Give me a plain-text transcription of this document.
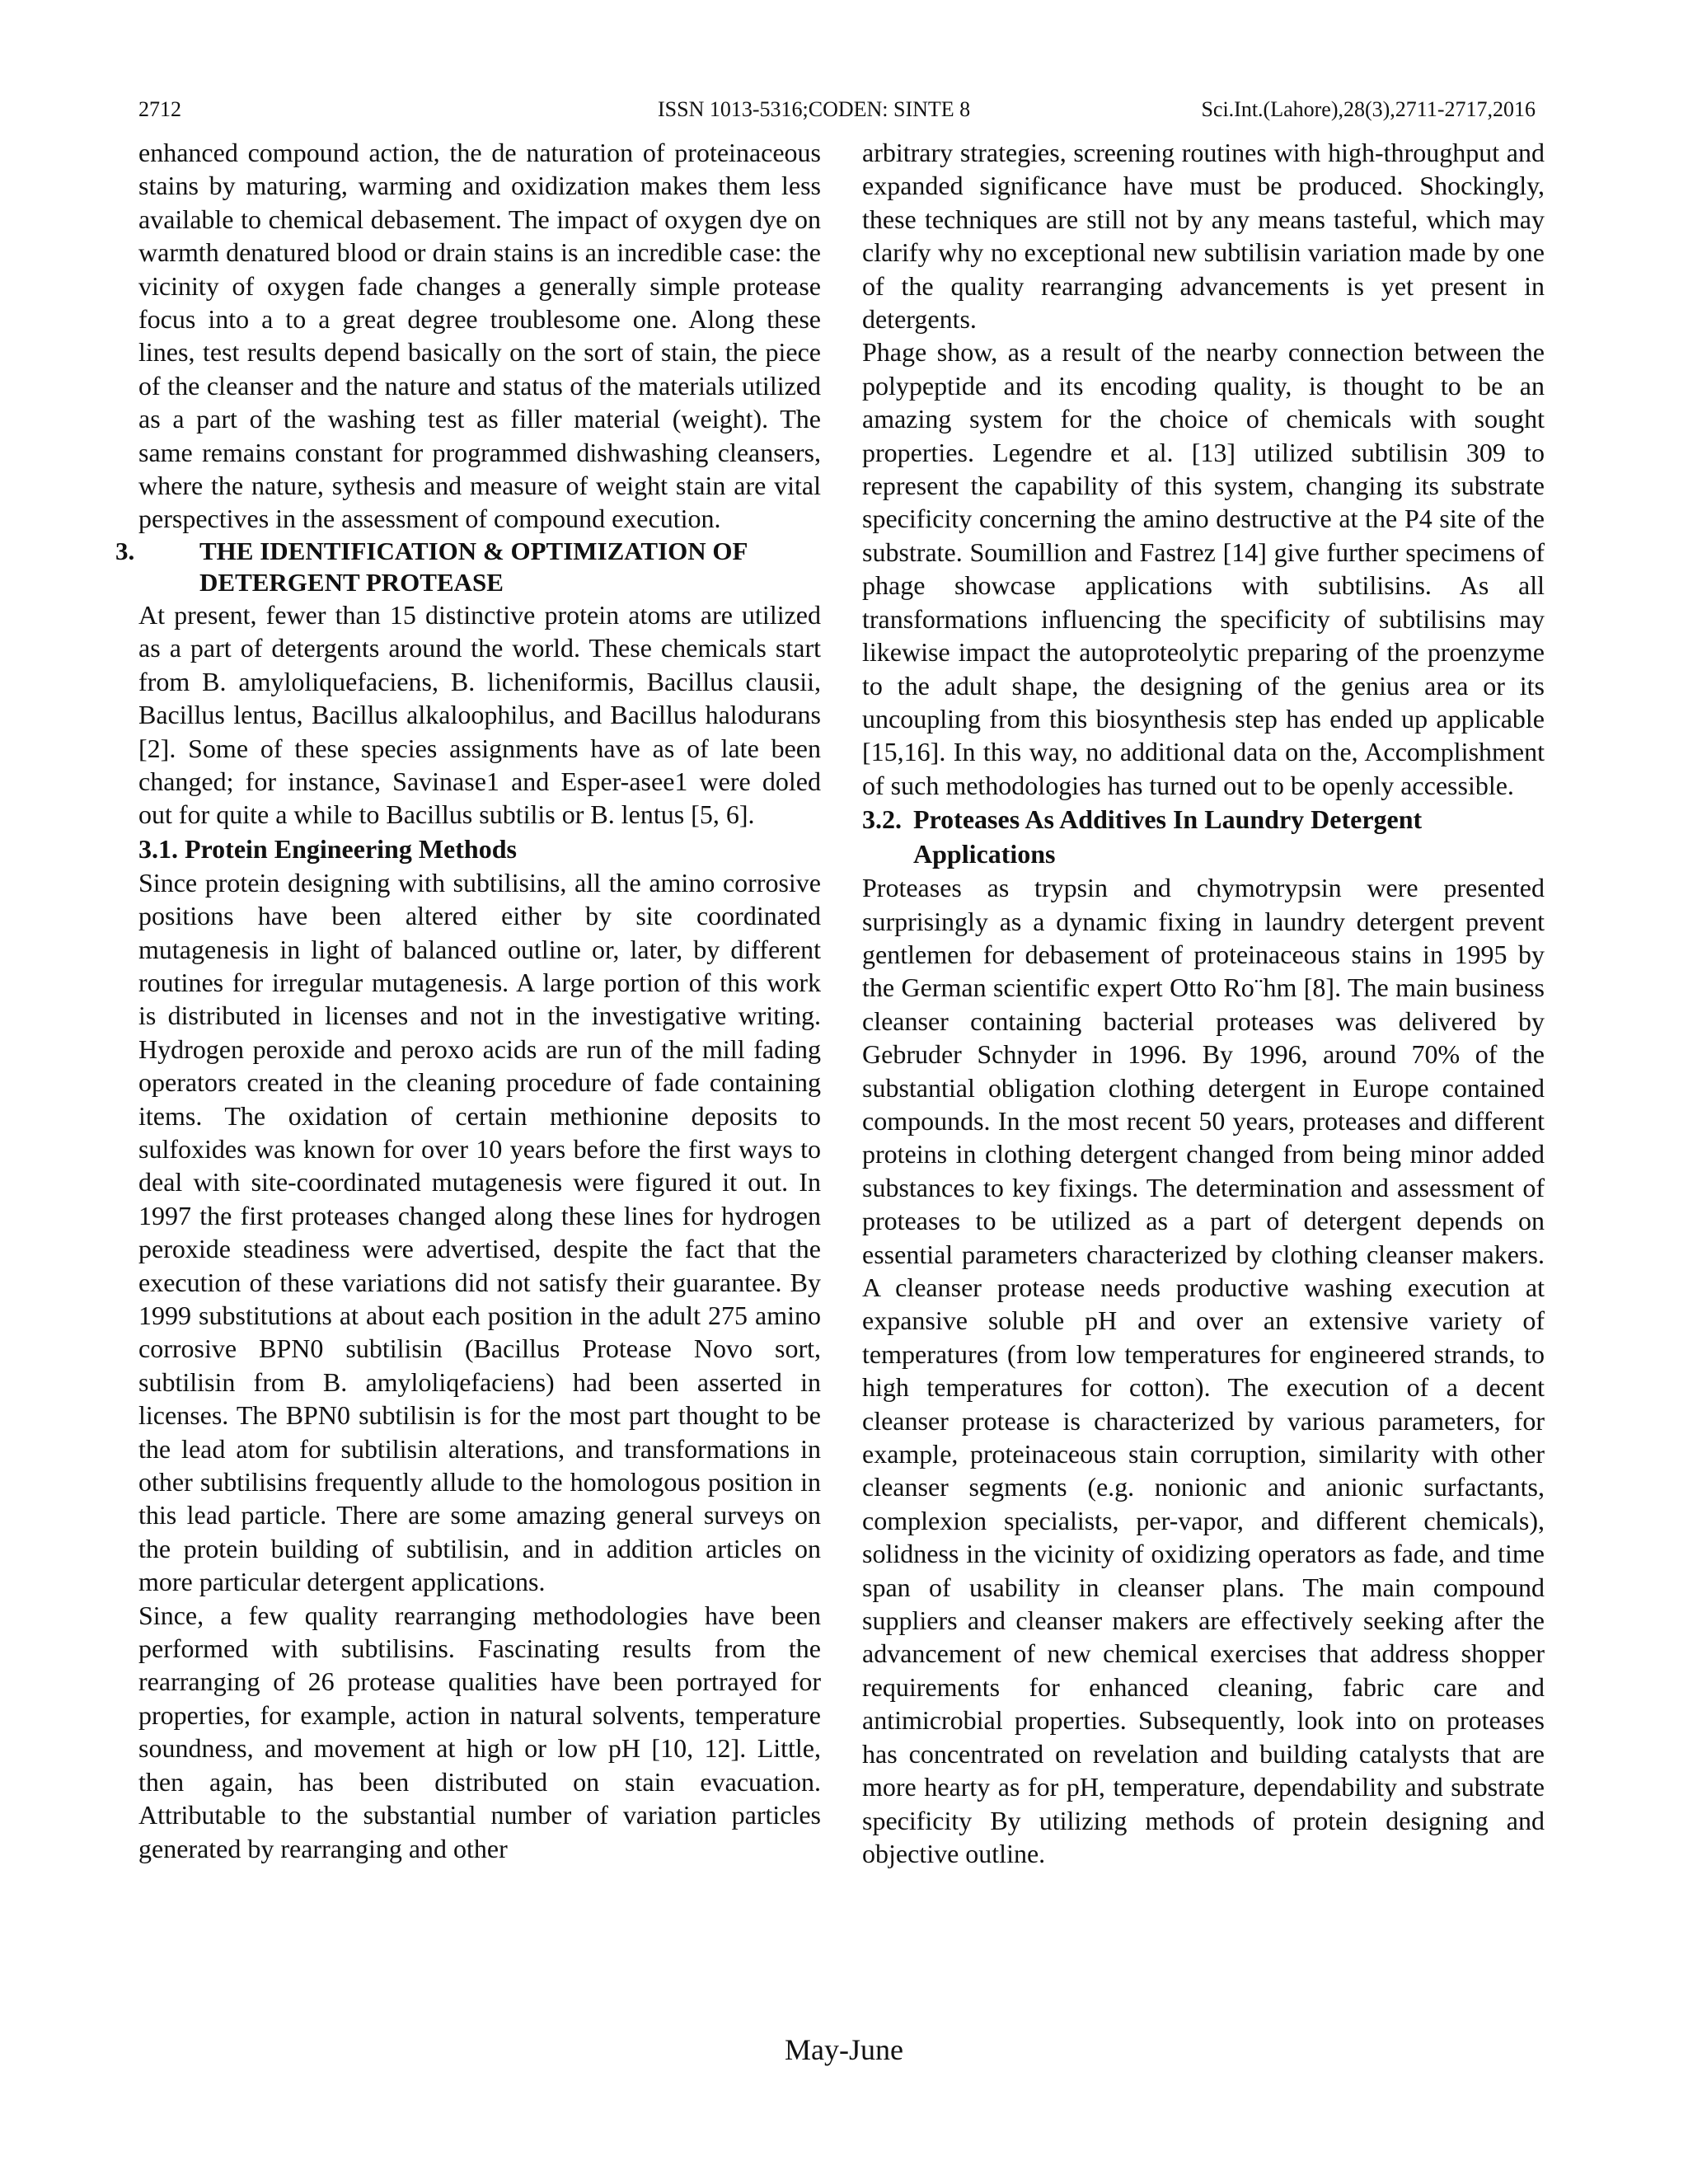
2712	ISSN 1013-5316;CODEN: SINTE 8	Sci.Int.(Lahore),28(3),2711-2717,2016

enhanced compound action, the de naturation of proteinaceous stains by maturing, warming and oxidization makes them less available to chemical debasement. The impact of oxygen dye on warmth denatured blood or drain stains is an incredible case: the vicinity of oxygen fade changes a generally simple protease focus into a to a great degree troublesome one. Along these lines, test results depend basically on the sort of stain, the piece of the cleanser and the nature and status of the materials utilized as a part of the washing test as filler material (weight). The same remains constant for programmed dishwashing cleansers, where the nature, sythesis and measure of weight stain are vital perspectives in the assessment of compound execution.

3.	THE IDENTIFICATION & OPTIMIZATION OF DETERGENT PROTEASE

At present, fewer than 15 distinctive protein atoms are utilized as a part of detergents around the world. These chemicals start from B. amyloliquefaciens, B. licheniformis, Bacillus clausii, Bacillus lentus, Bacillus alkaloophilus, and Bacillus halodurans [2]. Some of these species assignments have as of late been changed; for instance, Savinase1 and Esper-asee1 were doled out for quite a while to Bacillus subtilis or B. lentus [5, 6].

3.1. Protein Engineering Methods

Since protein designing with subtilisins, all the amino corrosive positions have been altered either by site coordinated mutagenesis in light of balanced outline or, later, by different routines for irregular mutagenesis. A large portion of this work is distributed in licenses and not in the investigative writing. Hydrogen peroxide and peroxo acids are run of the mill fading operators created in the cleaning procedure of fade containing items. The oxidation of certain methionine deposits to sulfoxides was known for over 10 years before the first ways to deal with site-coordinated mutagenesis were figured it out. In 1997 the first proteases changed along these lines for hydrogen peroxide steadiness were advertised, despite the fact that the execution of these variations did not satisfy their guarantee. By 1999 substitutions at about each position in the adult 275 amino corrosive BPN0 subtilisin (Bacillus Protease Novo sort, subtilisin from B. amyloliqefaciens) had been asserted in licenses. The BPN0 subtilisin is for the most part thought to be the lead atom for subtilisin alterations, and transformations in other subtilisins frequently allude to the homologous position in this lead particle. There are some amazing general surveys on the protein building of subtilisin, and in addition articles on more particular detergent applications.

Since, a few quality rearranging methodologies have been performed with subtilisins. Fascinating results from the rearranging of 26 protease qualities have been portrayed for properties, for example, action in natural solvents, temperature soundness, and movement at high or low pH [10, 12]. Little, then again, has been distributed on stain evacuation. Attributable to the substantial number of variation particles generated by rearranging and other

arbitrary strategies, screening routines with high-throughput and expanded significance have must be produced. Shockingly, these techniques are still not by any means tasteful, which may clarify why no exceptional new subtilisin variation made by one of the quality rearranging advancements is yet present in detergents.

Phage show, as a result of the nearby connection between the polypeptide and its encoding quality, is thought to be an amazing system for the choice of chemicals with sought properties. Legendre et al. [13] utilized subtilisin 309 to represent the capability of this system, changing its substrate specificity concerning the amino destructive at the P4 site of the substrate. Soumillion and Fastrez [14] give further specimens of phage showcase applications with subtilisins. As all transformations influencing the specificity of subtilisins may likewise impact the autoproteolytic preparing of the proenzyme to the adult shape, the designing of the genius area or its uncoupling from this biosynthesis step has ended up applicable [15,16]. In this way, no additional data on the, Accomplishment of such methodologies has turned out to be openly accessible.

3.2. Proteases As Additives In Laundry Detergent Applications

Proteases as trypsin and chymotrypsin were presented surprisingly as a dynamic fixing in laundry detergent prevent gentlemen for debasement of proteinaceous stains in 1995 by the German scientific expert Otto Ro¨hm [8]. The main business cleanser containing bacterial proteases was delivered by Gebruder Schnyder in 1996. By 1996, around 70% of the substantial obligation clothing detergent in Europe contained compounds. In the most recent 50 years, proteases and different proteins in clothing detergent changed from being minor added substances to key fixings. The determination and assessment of proteases to be utilized as a part of detergent depends on essential parameters characterized by clothing cleanser makers. A cleanser protease needs productive washing execution at expansive soluble pH and over an extensive variety of temperatures (from low temperatures for engineered strands, to high temperatures for cotton). The execution of a decent cleanser protease is characterized by various parameters, for example, proteinaceous stain corruption, similarity with other cleanser segments (e.g. nonionic and anionic surfactants, complexion specialists, per-vapor, and different chemicals), solidness in the vicinity of oxidizing operators as fade, and time span of usability in cleanser plans. The main compound suppliers and cleanser makers are effectively seeking after the advancement of new chemical exercises that address shopper requirements for enhanced cleaning, fabric care and antimicrobial properties. Subsequently, look into on proteases has concentrated on revelation and building catalysts that are more hearty as for pH, temperature, dependability and substrate specificity By utilizing methods of protein designing and objective outline.

May-June
